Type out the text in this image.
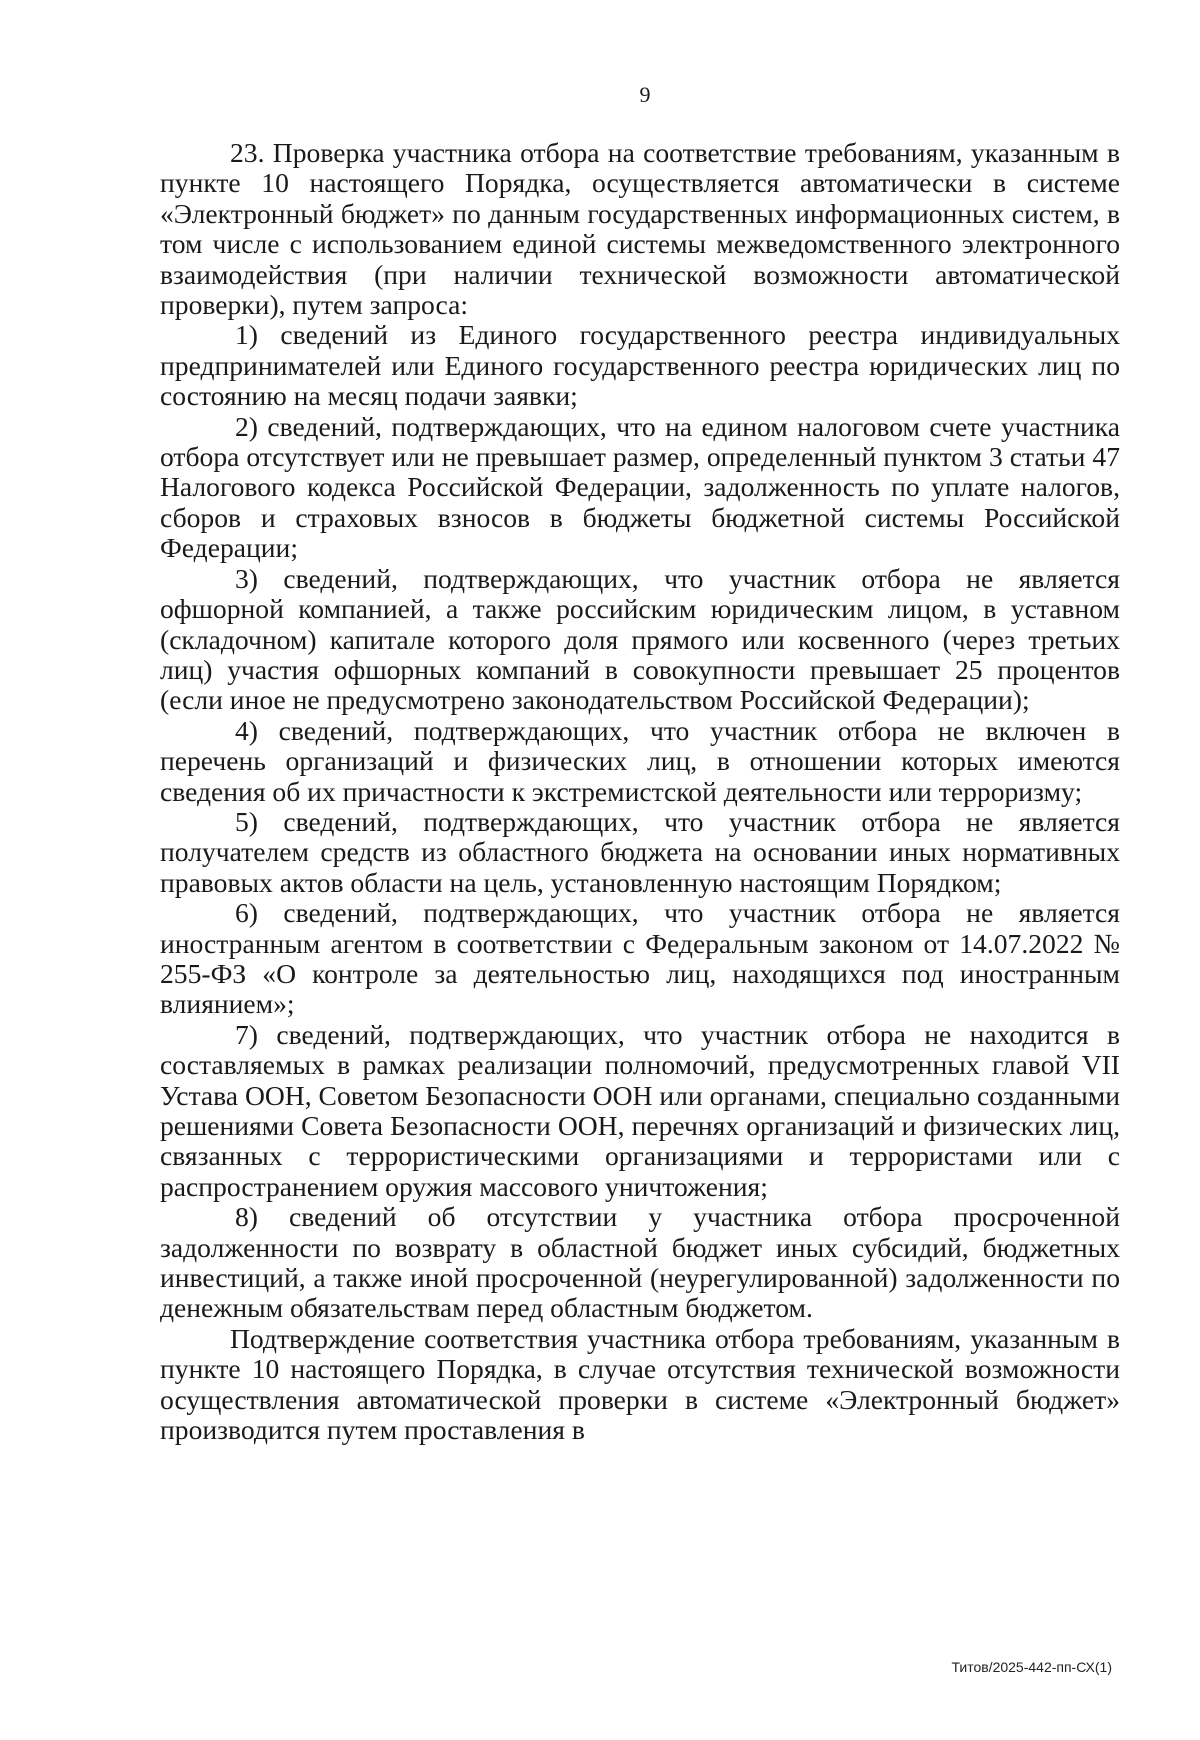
9

23. Проверка участника отбора на соответствие требованиям, указанным в пункте 10 настоящего Порядка, осуществляется автоматически в системе «Электронный бюджет» по данным государственных информационных систем, в том числе с использованием единой системы межведомственного электронного взаимодействия (при наличии технической возможности автоматической проверки), путем запроса:

1) сведений из Единого государственного реестра индивидуальных предпринимателей или Единого государственного реестра юридических лиц по состоянию на месяц подачи заявки;

2) сведений, подтверждающих, что на едином налоговом счете участника отбора отсутствует или не превышает размер, определенный пунктом 3 статьи 47 Налогового кодекса Российской Федерации, задолженность по уплате налогов, сборов и страховых взносов в бюджеты бюджетной системы Российской Федерации;

3) сведений, подтверждающих, что участник отбора не является офшорной компанией, а также российским юридическим лицом, в уставном (складочном) капитале которого доля прямого или косвенного (через третьих лиц) участия офшорных компаний в совокупности превышает 25 процентов (если иное не предусмотрено законодательством Российской Федерации);

4) сведений, подтверждающих, что участник отбора не включен в перечень организаций и физических лиц, в отношении которых имеются сведения об их причастности к экстремистской деятельности или терроризму;

5) сведений, подтверждающих, что участник отбора не является получателем средств из областного бюджета на основании иных нормативных правовых актов области на цель, установленную настоящим Порядком;

6) сведений, подтверждающих, что участник отбора не является иностранным агентом в соответствии с Федеральным законом от 14.07.2022 № 255-ФЗ «О контроле за деятельностью лиц, находящихся под иностранным влиянием»;

7) сведений, подтверждающих, что участник отбора не находится в составляемых в рамках реализации полномочий, предусмотренных главой VII Устава ООН, Советом Безопасности ООН или органами, специально созданными решениями Совета Безопасности ООН, перечнях организаций и физических лиц, связанных с террористическими организациями и террористами или с распространением оружия массового уничтожения;

8) сведений об отсутствии у участника отбора просроченной задолженности по возврату в областной бюджет иных субсидий, бюджетных инвестиций, а также иной просроченной (неурегулированной) задолженности по денежным обязательствам перед областным бюджетом.

Подтверждение соответствия участника отбора требованиям, указанным в пункте 10 настоящего Порядка, в случае отсутствия технической возможности осуществления автоматической проверки в системе «Электронный бюджет» производится путем проставления в

Титов/2025-442-пп-СХ(1)
